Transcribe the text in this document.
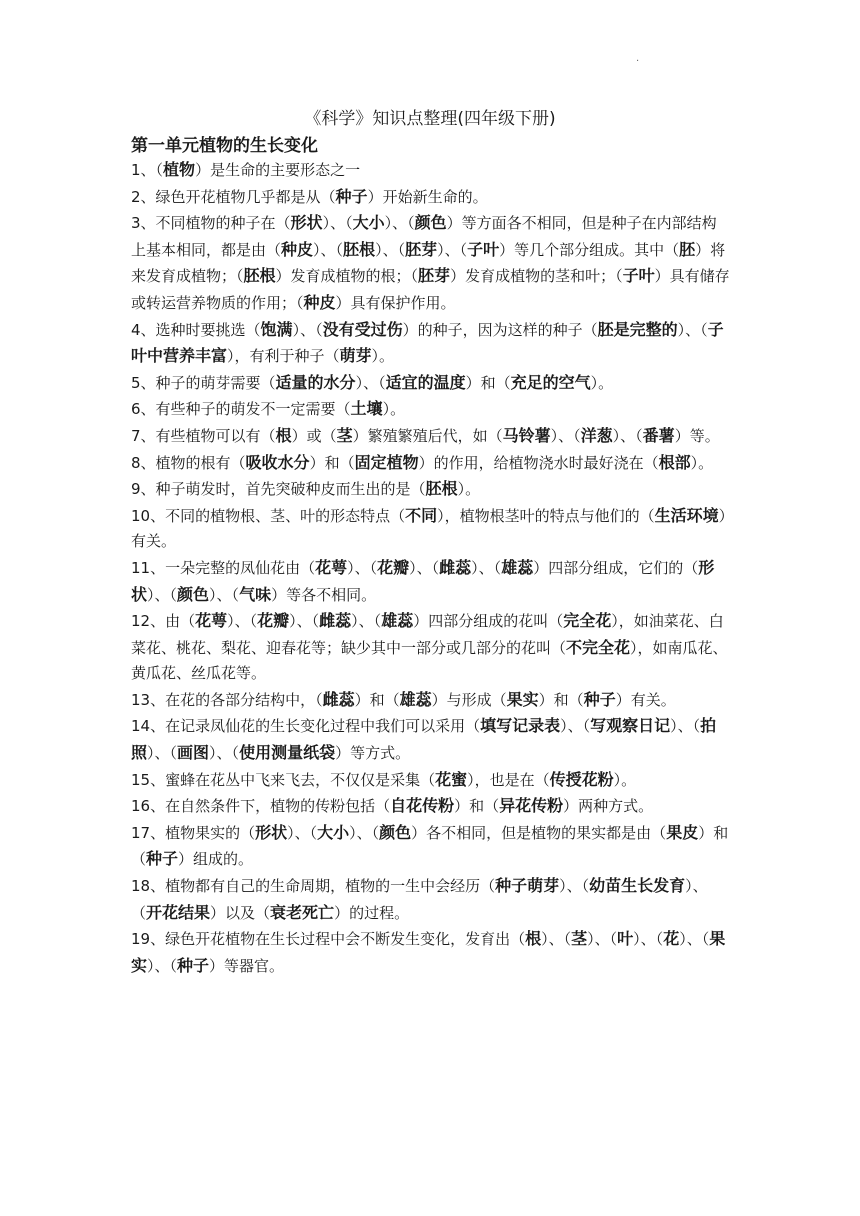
·
《科学》知识点整理(四年级下册)
第一单元植物的生长变化

1、（植物）是生命的主要形态之一

2、绿色开花植物几乎都是从（种子）开始新生命的。

3、不同植物的种子在（形状）、（大小）、（颜色）等方面各不相同，但是种子在内部结构上基本相同，都是由（种皮）、（胚根）、（胚芽）、（子叶）等几个部分组成。其中（胚）将来发育成植物；（胚根）发育成植物的根；（胚芽）发育成植物的茎和叶；（子叶）具有储存或转运营养物质的作用；（种皮）具有保护作用。

4、选种时要挑选（饱满）、（没有受过伤）的种子，因为这样的种子（胚是完整的）、（子叶中营养丰富），有利于种子（萌芽）。

5、种子的萌芽需要（适量的水分）、（适宜的温度）和（充足的空气）。

6、有些种子的萌发不一定需要（土壤）。

7、有些植物可以有（根）或（茎）繁殖繁殖后代，如（马铃薯）、（洋葱）、（番薯）等。

8、植物的根有（吸收水分）和（固定植物）的作用，给植物浇水时最好浇在（根部）。

9、种子萌发时，首先突破种皮而生出的是（胚根）。

10、不同的植物根、茎、叶的形态特点（不同），植物根茎叶的特点与他们的（生活环境）有关。

11、一朵完整的凤仙花由（花萼）、（花瓣）、（雌蕊）、（雄蕊）四部分组成，它们的（形状）、（颜色）、（气味）等各不相同。

12、由（花萼）、（花瓣）、（雌蕊）、（雄蕊）四部分组成的花叫（完全花），如油菜花、白菜花、桃花、梨花、迎春花等；缺少其中一部分或几部分的花叫（不完全花），如南瓜花、黄瓜花、丝瓜花等。

13、在花的各部分结构中，（雌蕊）和（雄蕊）与形成（果实）和（种子）有关。

14、在记录凤仙花的生长变化过程中我们可以采用（填写记录表）、（写观察日记）、（拍照）、（画图）、（使用测量纸袋）等方式。

15、蜜蜂在花丛中飞来飞去，不仅仅是采集（花蜜），也是在（传授花粉）。

16、在自然条件下，植物的传粉包括（自花传粉）和（异花传粉）两种方式。

17、植物果实的（形状）、（大小）、（颜色）各不相同，但是植物的果实都是由（果皮）和（种子）组成的。

18、植物都有自己的生命周期，植物的一生中会经历（种子萌芽）、（幼苗生长发育）、（开花结果）以及（衰老死亡）的过程。

19、绿色开花植物在生长过程中会不断发生变化，发育出（根）、（茎）、（叶）、（花）、（果实）、（种子）等器官。
